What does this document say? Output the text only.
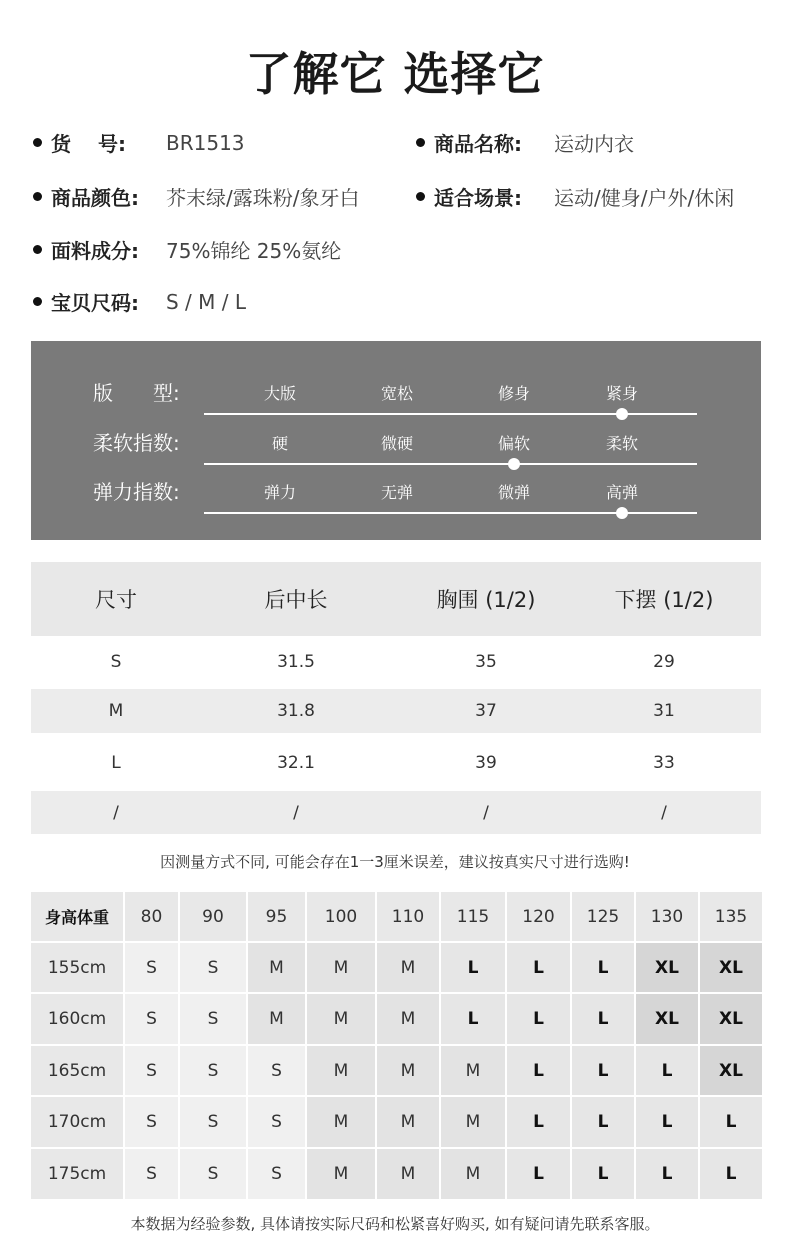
了解它 选择它
货　 号: BR1513	商品名称: 运动内衣
商品颜色: 芥末绿/露珠粉/象牙白	适合场景: 运动/健身/户外/休闲
面料成分: 75%锦纶 25%氨纶
宝贝尺码: S / M / L
版　　型:	大版	宽松	修身	紧身
柔软指数:	硬	微硬	偏软	柔软
弹力指数:	弹力	无弹	微弹	高弹
尺寸	后中长	胸围 (1/2)	下摆 (1/2)
S	31.5	35	29
M	31.8	37	31
L	32.1	39	33
/	/	/	/
因测量方式不同, 可能会存在1一3厘米误差，建议按真实尺寸进行选购!
身高体重	80	90	95	100	110	115	120	125	130	135
155cm	S	S	M	M	M	L	L	L	XL	XL
160cm	S	S	M	M	M	L	L	L	XL	XL
165cm	S	S	S	M	M	M	L	L	L	XL
170cm	S	S	S	M	M	M	L	L	L	L
175cm	S	S	S	M	M	M	L	L	L	L
本数据为经验参数, 具体请按实际尺码和松紧喜好购买, 如有疑问请先联系客服。
